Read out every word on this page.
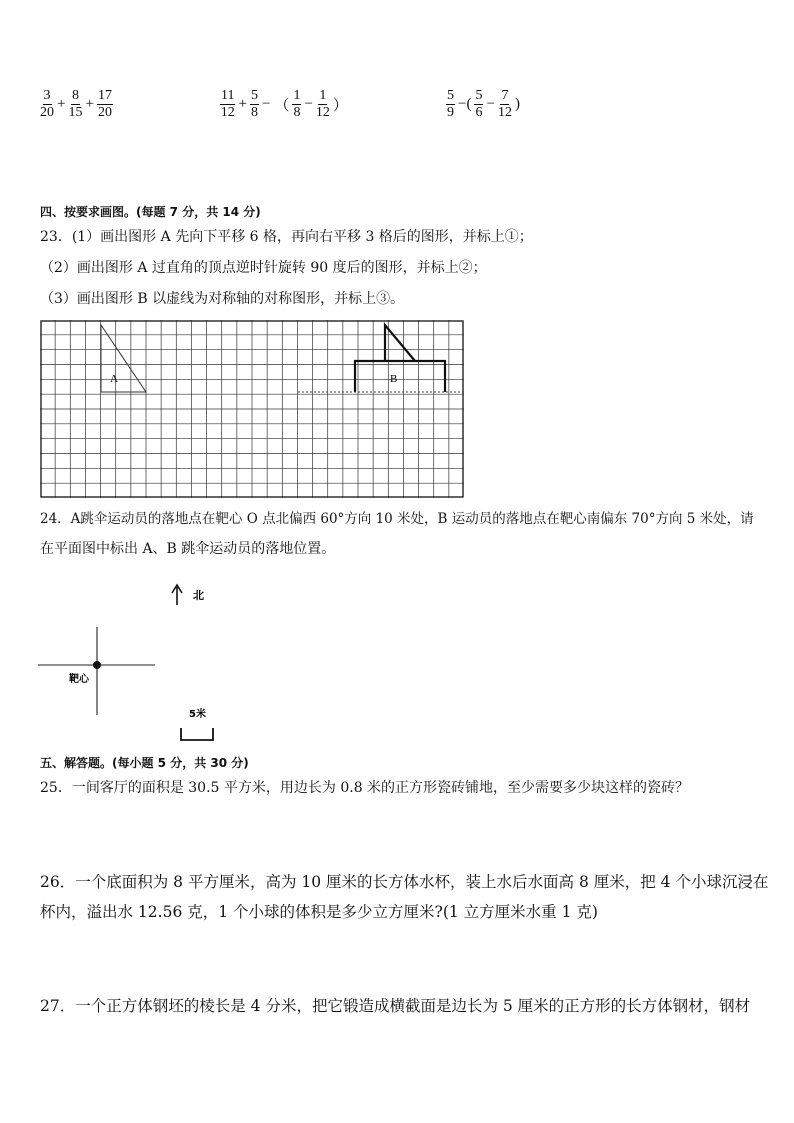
$\frac{3}{20} + \frac{8}{15} + \frac{17}{20}$	$\frac{11}{12} + \frac{5}{8}$ − （ $\frac{1}{8} - \frac{1}{12}$ ）	$\frac{5}{9}$ −( $\frac{5}{6} - \frac{7}{12}$ )
四、按要求画图。(每题 7 分，共 14 分)
23．(1）画出图形 A 先向下平移 6 格，再向右平移 3 格后的图形，并标上①；
（2）画出图形 A 过直角的顶点逆时针旋转 90 度后的图形，并标上②；
（3）画出图形 B 以虚线为对称轴的对称图形，并标上③。
A	B
24．A跳伞运动员的落地点在靶心 O 点北偏西 60°方向 10 米处，B 运动员的落地点在靶心南偏东 70°方向 5 米处，请
在平面图中标出 A、B 跳伞运动员的落地位置。
北
靶心
5米
五、解答题。(每小题 5 分，共 30 分)
25．一间客厅的面积是 30.5 平方米，用边长为 0.8 米的正方形瓷砖铺地，至少需要多少块这样的瓷砖？
26．一个底面积为 8 平方厘米，高为 10 厘米的长方体水杯，装上水后水面高 8 厘米，把 4 个小球沉浸在
杯内，溢出水 12.56 克，1 个小球的体积是多少立方厘米?(1 立方厘米水重 1 克)
27．一个正方体钢坯的棱长是 4 分米，把它锻造成横截面是边长为 5 厘米的正方形的长方体钢材，钢材
